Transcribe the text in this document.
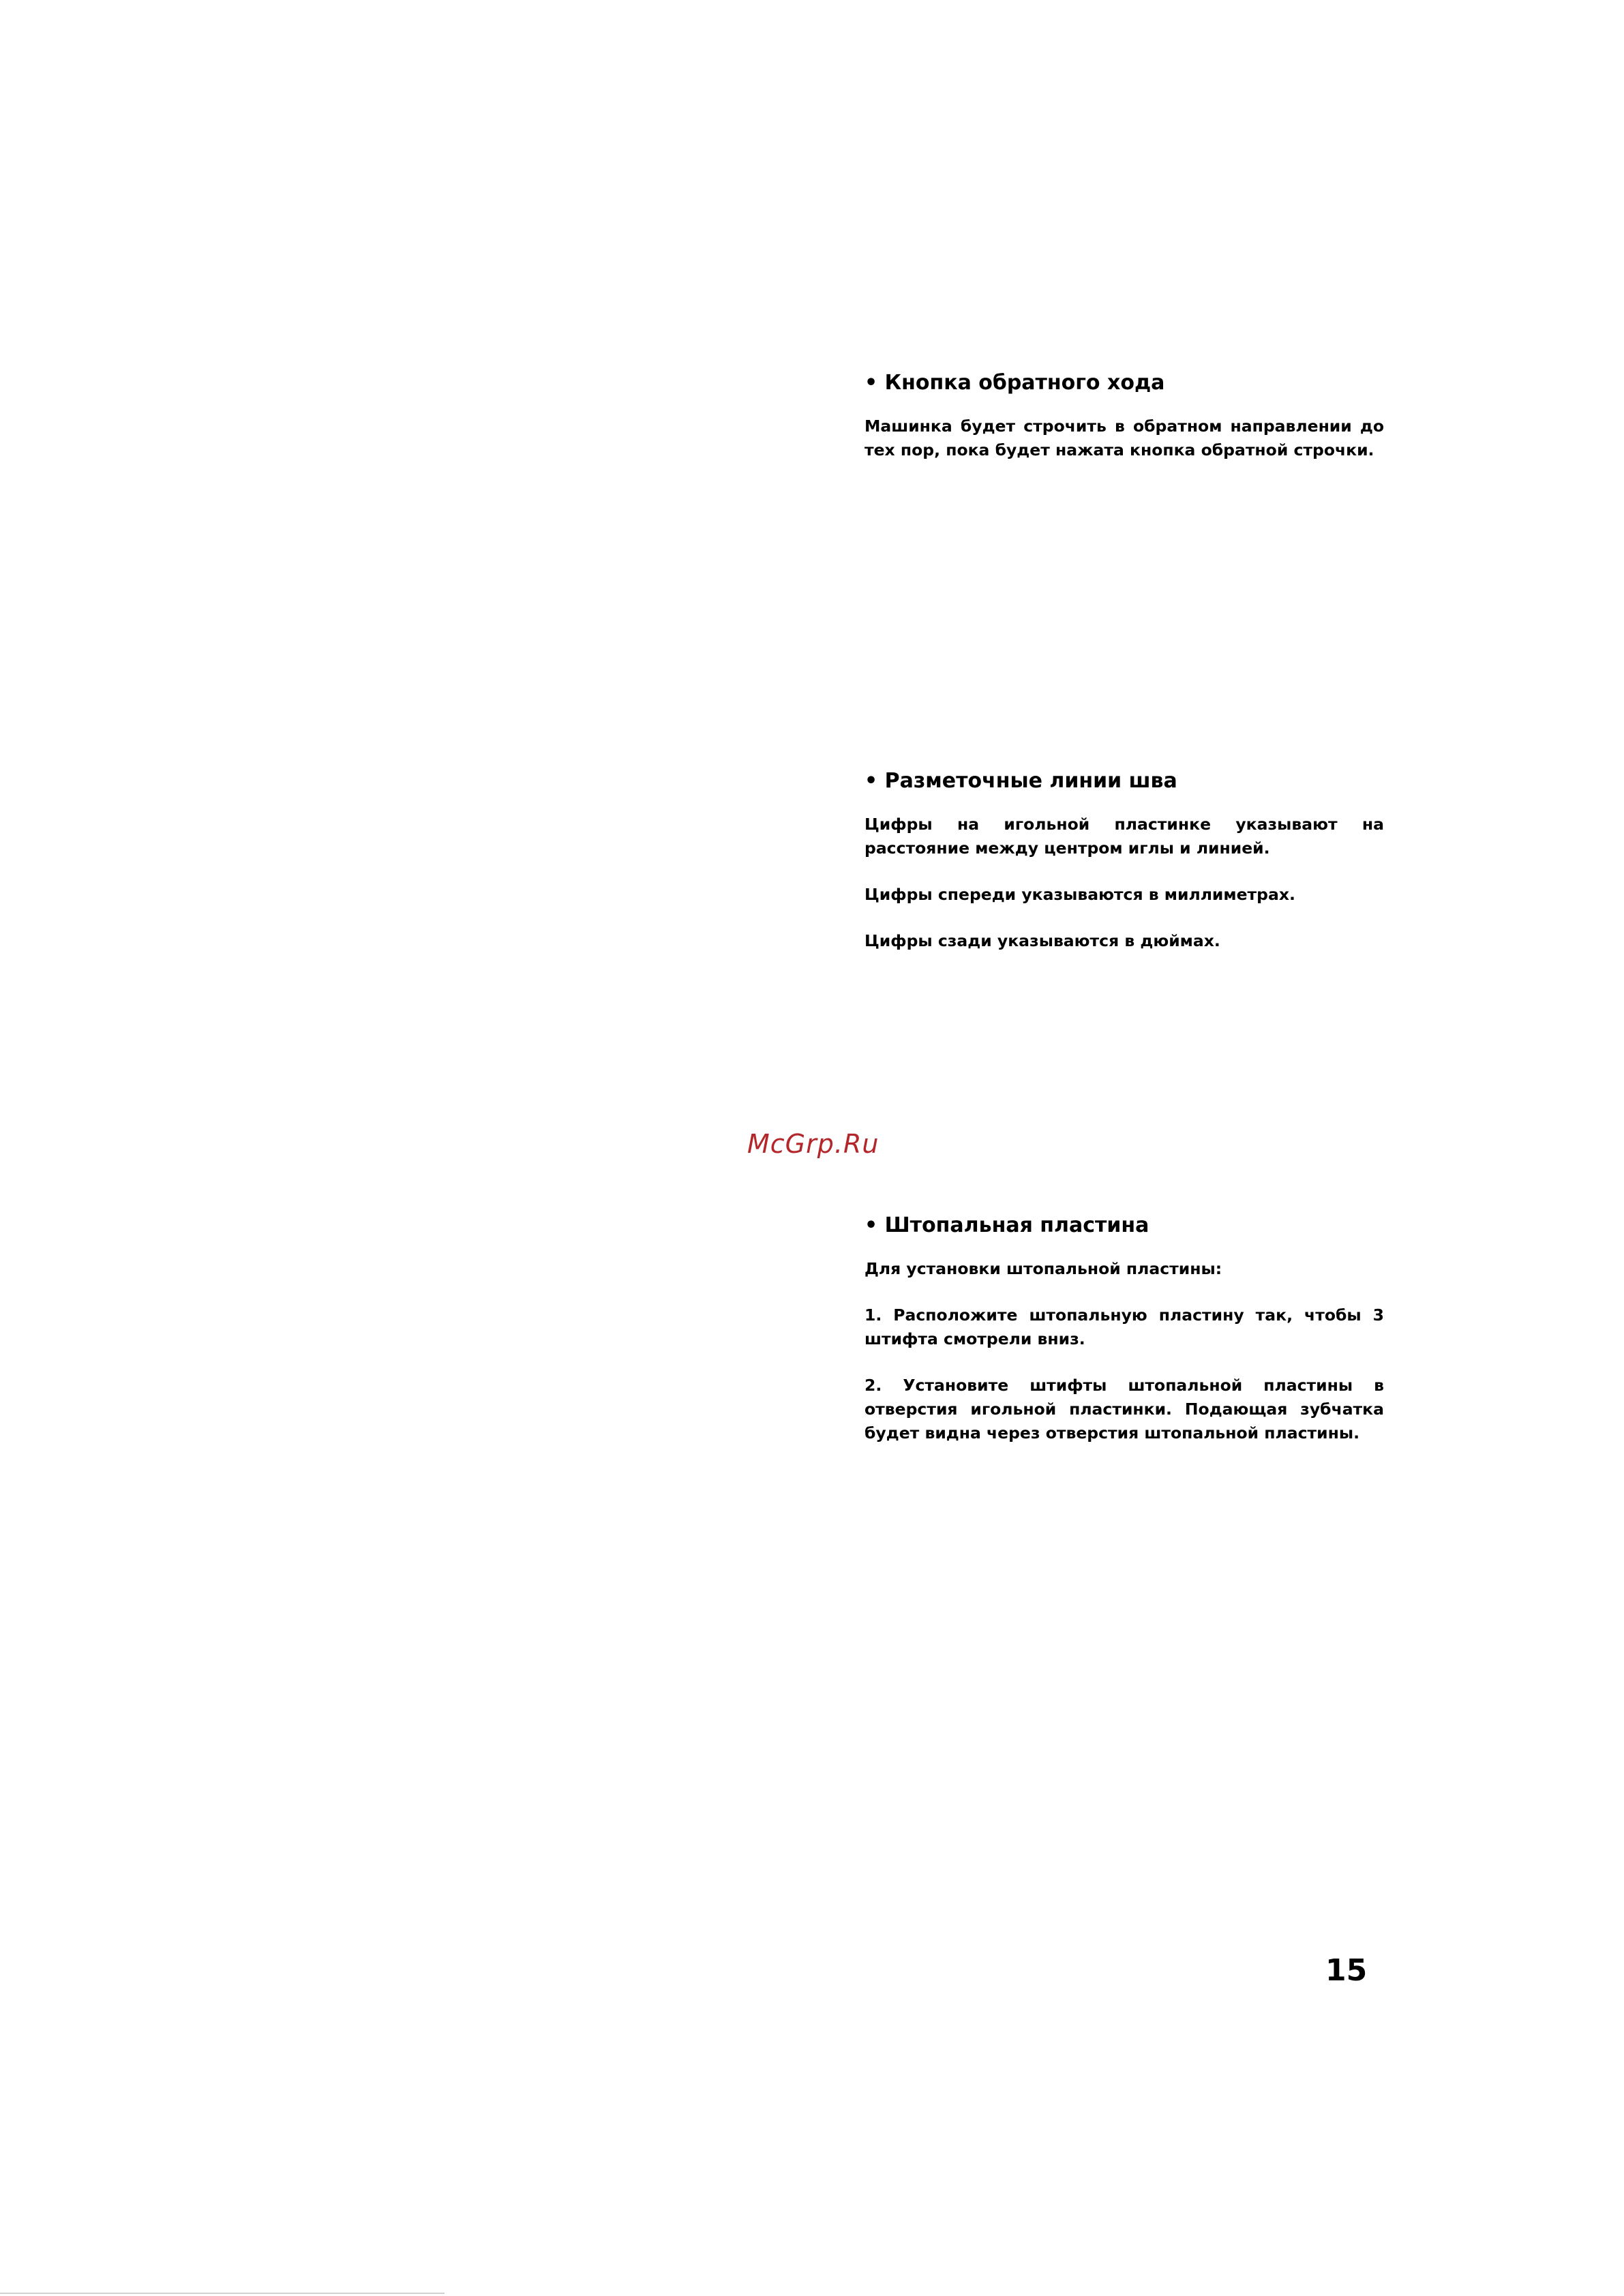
• Кнопка обратного хода

Машинка будет строчить в обратном направлении до тех пор, пока будет нажата кнопка обратной строчки.

• Разметочные линии шва

Цифры на игольной пластинке указывают на расстояние между центром иглы и линией.

Цифры спереди указываются в миллиметрах.

Цифры сзади указываются в дюймах.

McGrp.Ru

• Штопальная пластина

Для установки штопальной пластины:

1. Расположите штопальную пластину так, чтобы 3 штифта смотрели вниз.

2. Установите штифты штопальной пластины в отверстия игольной пластинки. Подающая зубчатка будет видна через отверстия штопальной пластины.

15
